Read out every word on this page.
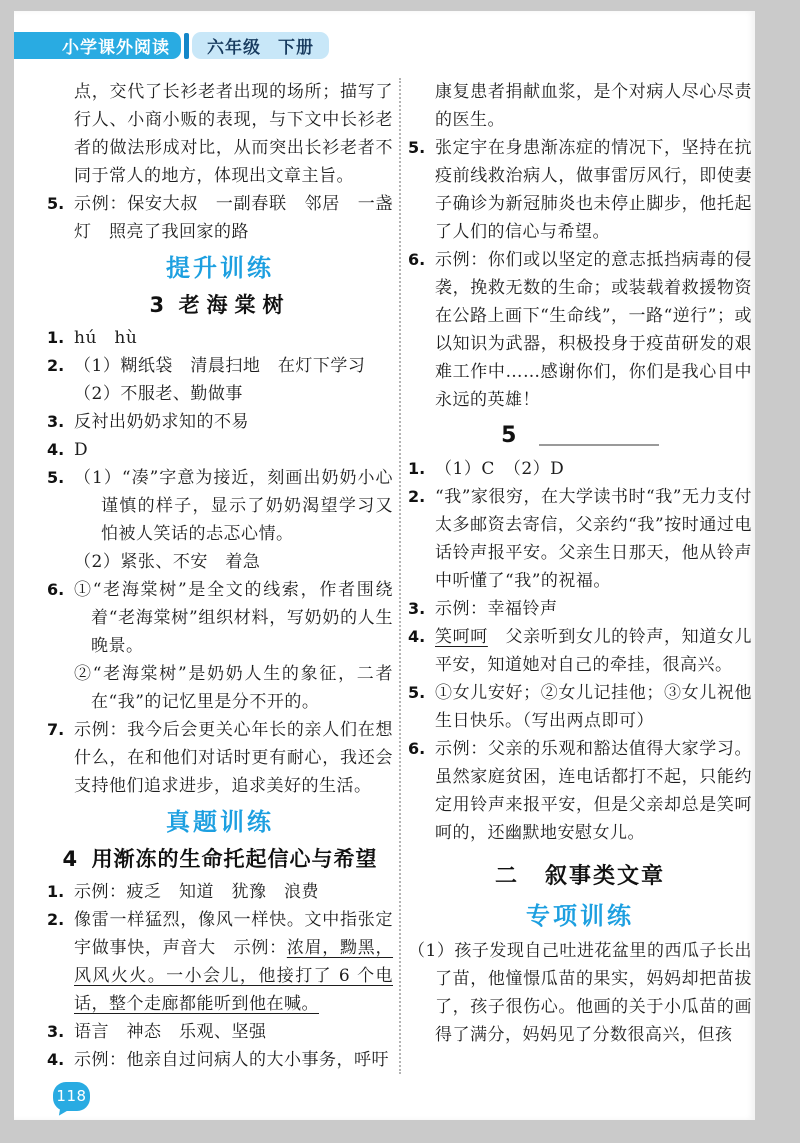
小学课外阅读 六年级 下册

点，交代了长衫老者出现的场所；描写了行人、小商小贩的表现，与下文中长衫老者的做法形成对比，从而突出长衫老者不同于常人的地方，体现出文章主旨。

5. 示例：保安大叔　一副春联　邻居　一盏灯　照亮了我回家的路
提升训练
3 老海棠树
1. hú　hù
2. （1）糊纸袋　清晨扫地　在灯下学习
（2）不服老、勤做事
3. 反衬出奶奶求知的不易
4. D
5. （1）“凑”字意为接近，刻画出奶奶小心谨慎的样子，显示了奶奶渴望学习又怕被人笑话的忐忑心情。
（2）紧张、不安　着急
6. ①“老海棠树”是全文的线索，作者围绕着“老海棠树”组织材料，写奶奶的人生晚景。
②“老海棠树”是奶奶人生的象征，二者在“我”的记忆里是分不开的。
7. 示例：我今后会更关心年长的亲人们在想什么，在和他们对话时更有耐心，我还会支持他们追求进步，追求美好的生活。
真题训练
4 用渐冻的生命托起信心与希望
1. 示例：疲乏　知道　犹豫　浪费
2. 像雷一样猛烈，像风一样快。文中指张定宇做事快，声音大　示例：浓眉，黝黑，风风火火。一小会儿，他接打了 6 个电话，整个走廊都能听到他在喊。
3. 语言　神态　乐观、坚强
4. 示例：他亲自过问病人的大小事务，呼吁

康复患者捐献血浆，是个对病人尽心尽责的医生。

5. 张定宇在身患渐冻症的情况下，坚持在抗疫前线救治病人，做事雷厉风行，即使妻子确诊为新冠肺炎也未停止脚步，他托起了人们的信心与希望。
6. 示例：你们或以坚定的意志抵挡病毒的侵袭，挽救无数的生命；或装载着救援物资在公路上画下“生命线”，一路“逆行”；或以知识为武器，积极投身于疫苗研发的艰难工作中……感谢你们，你们是我心目中永远的英雄！
5
1. （1）C　（2）D
2. “我”家很穷，在大学读书时“我”无力支付太多邮资去寄信，父亲约“我”按时通过电话铃声报平安。父亲生日那天，他从铃声中听懂了“我”的祝福。
3. 示例：幸福铃声
4. 笑呵呵　父亲听到女儿的铃声，知道女儿平安，知道她对自己的牵挂，很高兴。
5. ①女儿安好；②女儿记挂他；③女儿祝他生日快乐。（写出两点即可）
6. 示例：父亲的乐观和豁达值得大家学习。虽然家庭贫困，连电话都打不起，只能约定用铃声来报平安，但是父亲却总是笑呵呵的，还幽默地安慰女儿。
二 叙事类文章
专项训练

（1）孩子发现自己吐进花盆里的西瓜子长出了苗，他憧憬瓜苗的果实，妈妈却把苗拔了，孩子很伤心。他画的关于小瓜苗的画得了满分，妈妈见了分数很高兴，但孩

118
